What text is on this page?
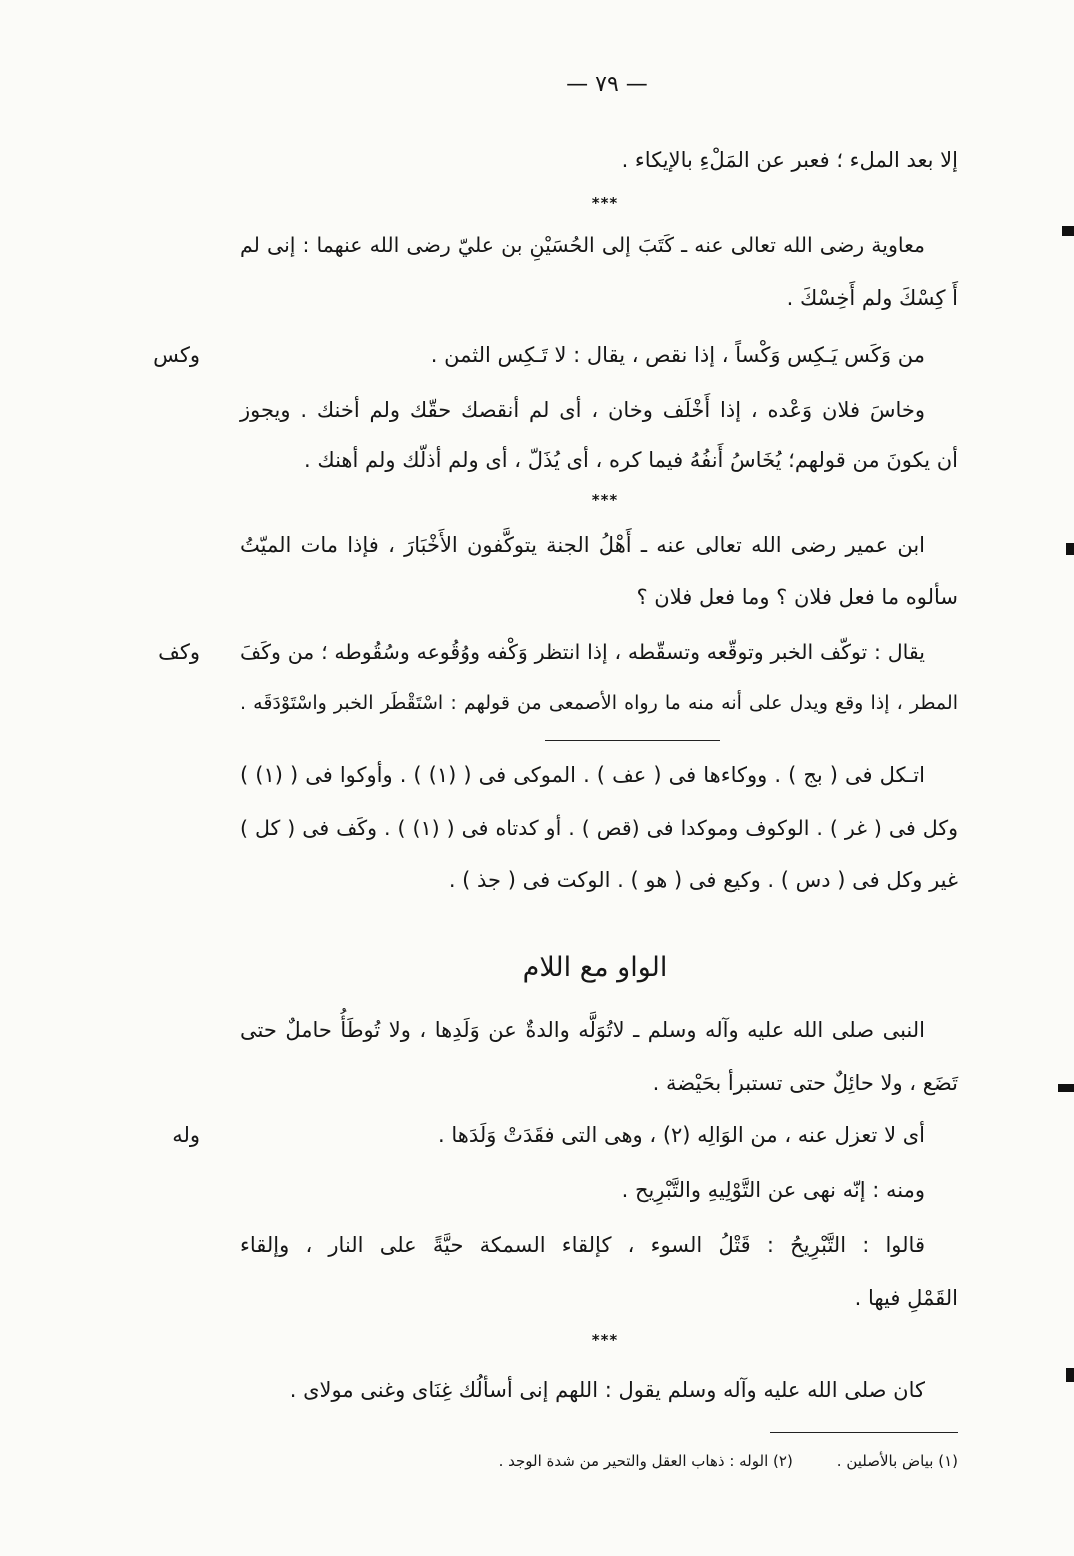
— ٧٩ —
إلا بعد الملء ؛ فعبر عن المَلْءِ بالإيكاء .
***
معاوية رضى الله تعالى عنه ـ كَتَبَ إلى الحُسَيْنِ بن عليّ رضى الله عنهما : إنى لم
أَ كِسْكَ ولم أَخِسْكَ .
من وَكَس يَـكِس وَكْساً ، إذا نقص ، يقال : لا تَـكِس الثمن .
وكس
وخاسَ فلان وَعْده ، إذا أَخْلَف وخان ، أى لم أنقصك حقّك ولم أخنك . ويجوز
أن يكونَ من قولهم؛ يُخَاسُ أَنفُهُ فيما كره ، أى يُذَلّ ، أى ولم أذلّك ولم أهنك .
***
ابن عمير رضى الله تعالى عنه ـ أَهْلُ الجنة يتوكَّفون الأَخْبَارَ ، فإذا مات الميّتُ
سألوه ما فعل فلان ؟ وما فعل فلان ؟
يقال : توكّف الخبر وتوقّعه وتسقّطه ، إذا انتظر وَكْفه ووُقُوعه وسُقُوطه ؛ من وكَفَ
وكف
المطر ، إذا وقع ويدل على أنه منه ما رواه الأصمعى من قولهم : اسْتَقْطَر الخبر واسْتَوْدَقَه .
اتـكل فى ( بج ) . ووكاءها فى ( عف ) . الموكى فى ( (١) ) . وأوكوا فى ( (١) )
وكل فى ( غر ) . الوكوف وموكدا فى (قص ) . أو كدتاه فى ( (١) ) . وكَف فى ( كل )
غير وكل فى ( دس ) . وكيع فى ( هو ) . الوكت فى ( جذ ) .
الواو مع اللام
النبى صلى الله عليه وآله وسلم ـ لاتُوَلَّه والدةٌ عن وَلَدِها ، ولا تُوطَأُ حاملٌ حتى
تَضَع ، ولا حائِلٌ حتى تستبرأ بحَيْضة .
أى لا تعزل عنه ، من الوَالِه (٢) ، وهى التى فقَدَتْ وَلَدَها .
وله
ومنه : إنّه نهى عن التَّوْلِيهِ والتَّبْرِيح .
قالوا : التَّبْرِيحُ : قَتْلُ السوء ، كإلقاء السمكة حيَّةً على النار ، وإلقاء
القَمْلِ فيها .
***
كان صلى الله عليه وآله وسلم يقول : اللهم إنى أسألُك غِنَاى وغنى مولاى .
(١) بياض بالأصلين .
(٢) الوله : ذهاب العقل والتحير من شدة الوجد .
